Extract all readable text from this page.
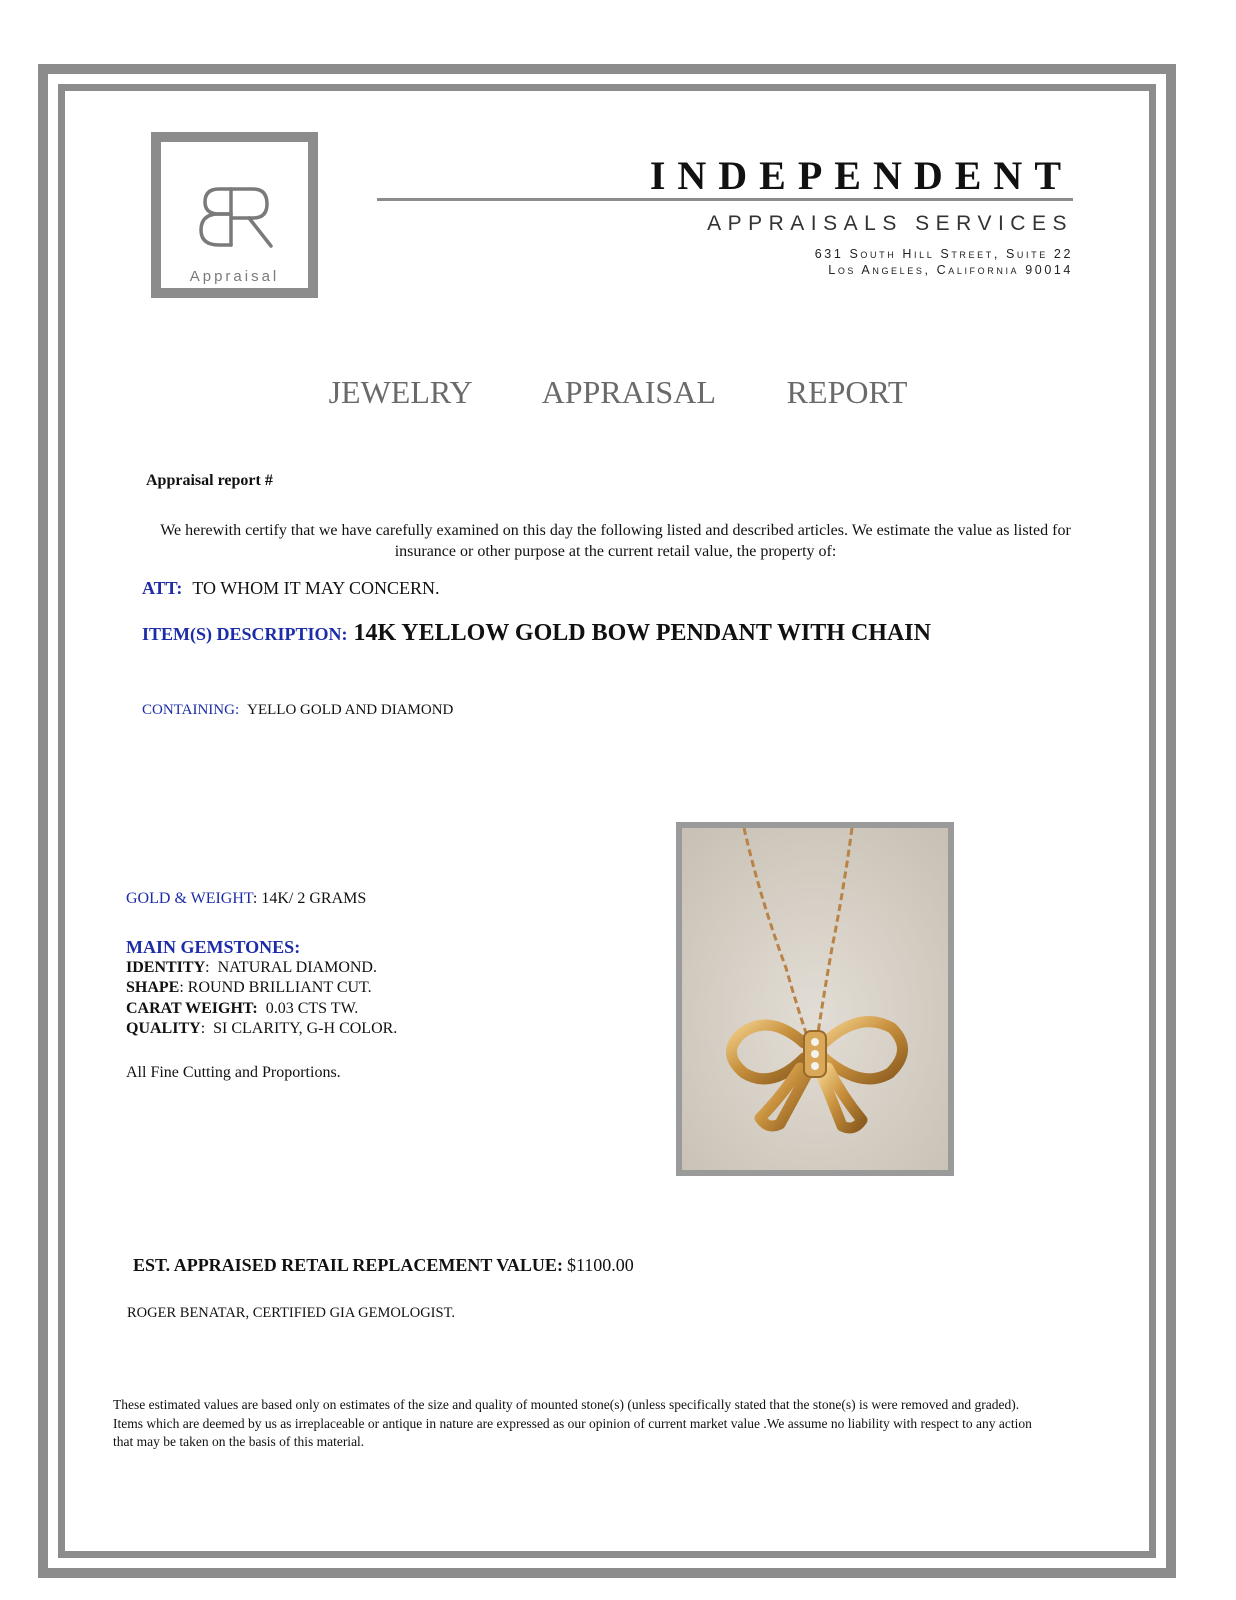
Appraisal
INDEPENDENT
APPRAISALS SERVICES
631 South Hill Street, Suite 22
Los Angeles, California 90014
JEWELRY   APPRAISAL   REPORT
Appraisal report #
We herewith certify that we have carefully examined on this day the following listed and described articles. We estimate the value as listed for insurance or other purpose at the current retail value, the property of:
ATT: TO WHOM IT MAY CONCERN.
ITEM(S) DESCRIPTION: 14K YELLOW GOLD BOW PENDANT WITH CHAIN
CONTAINING: YELLO GOLD AND DIAMOND
GOLD & WEIGHT: 14K/ 2 GRAMS
MAIN GEMSTONES:
IDENTITY:  NATURAL DIAMOND.
SHAPE: ROUND BRILLIANT CUT.
CARAT WEIGHT:  0.03 CTS TW.
QUALITY:  SI CLARITY, G-H COLOR.
All Fine Cutting and Proportions.
EST. APPRAISED RETAIL REPLACEMENT VALUE: $1100.00
ROGER BENATAR, CERTIFIED GIA GEMOLOGIST.
These estimated values are based only on estimates of the size and quality of mounted stone(s) (unless specifically stated that the stone(s) is were removed and graded). Items which are deemed by us as irreplaceable or antique in nature are expressed as our opinion of current market value .We assume no liability with respect to any action that may be taken on the basis of this material.
